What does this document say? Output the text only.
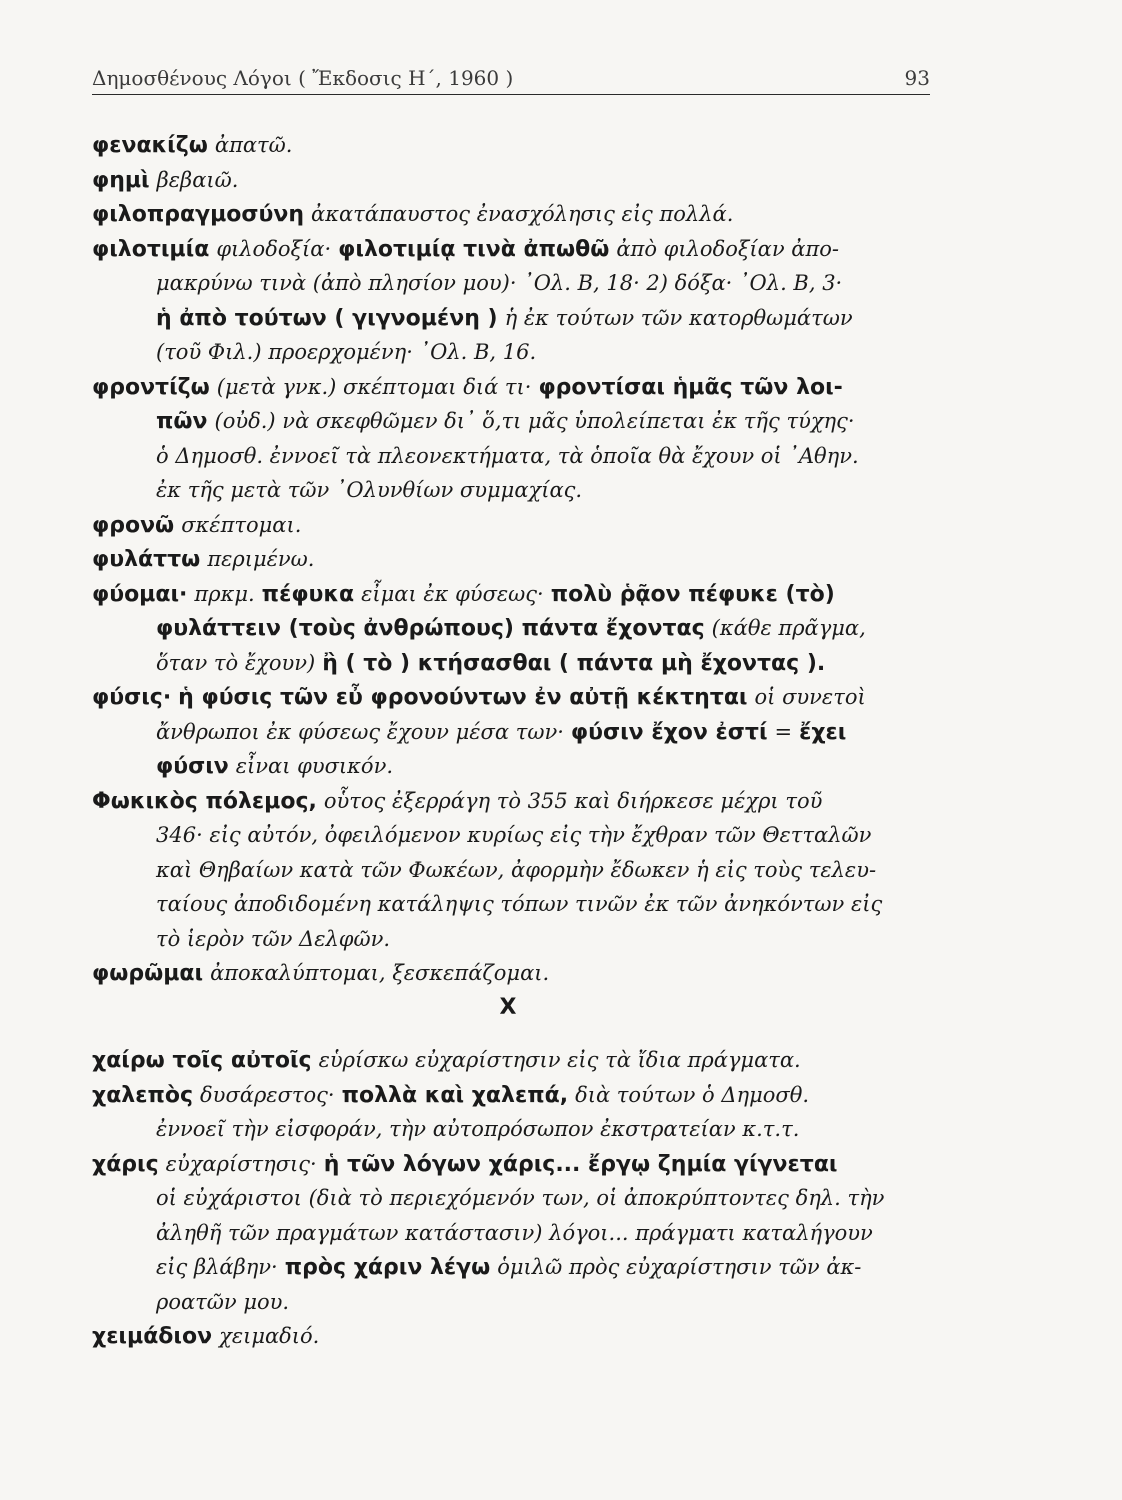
Δημοσθένους Λόγοι ( Ἔκδοσις Η΄, 1960 )	93
φενακίζω ἀπατῶ.
φημὶ βεβαιῶ.
φιλοπραγμοσύνη ἀκατάπαυστος ἐνασχόλησις εἰς πολλά.
φιλοτιμία φιλοδοξία· φιλοτιμίᾳ τινὰ ἀπωθῶ ἀπὸ φιλοδοξίαν ἀπο-
μακρύνω τινὰ (ἀπὸ πλησίον μου)· ᾿Ολ. Β, 18· 2) δόξα· ᾿Ολ. Β, 3·
ἡ ἀπὸ τούτων ( γιγνομένη ) ἡ ἐκ τούτων τῶν κατορθωμάτων
(τοῦ Φιλ.) προερχομένη· ᾿Ολ. Β, 16.
φροντίζω (μετὰ γνκ.) σκέπτομαι διά τι· φροντίσαι ἡμᾶς τῶν λοι-
πῶν (οὐδ.) νὰ σκεφθῶμεν δι᾽ ὅ,τι μᾶς ὑπολείπεται ἐκ τῆς τύχης·
ὁ Δημοσθ. ἐννοεῖ τὰ πλεονεκτήματα, τὰ ὁποῖα θὰ ἔχουν οἱ ᾿Αθην.
ἐκ τῆς μετὰ τῶν ᾿Ολυνθίων συμμαχίας.
φρονῶ σκέπτομαι.
φυλάττω περιμένω.
φύομαι· πρκμ. πέφυκα εἶμαι ἐκ φύσεως· πολὺ ῥᾷον πέφυκε (τὸ)
φυλάττειν (τοὺς ἀνθρώπους) πάντα ἔχοντας (κάθε πρᾶγμα,
ὅταν τὸ ἔχουν) ἢ ( τὸ ) κτήσασθαι ( πάντα μὴ ἔχοντας ).
φύσις· ἡ φύσις τῶν εὖ φρονούντων ἐν αὐτῇ κέκτηται οἱ συνετοὶ
ἄνθρωποι ἐκ φύσεως ἔχουν μέσα των· φύσιν ἔχον ἐστί = ἔχει
φύσιν εἶναι φυσικόν.
Φωκικὸς πόλεμος, οὗτος ἐξερράγη τὸ 355 καὶ διήρκεσε μέχρι τοῦ
346· εἰς αὐτόν, ὀφειλόμενον κυρίως εἰς τὴν ἔχθραν τῶν Θετταλῶν
καὶ Θηβαίων κατὰ τῶν Φωκέων, ἀφορμὴν ἔδωκεν ἡ εἰς τοὺς τελευ-
ταίους ἀποδιδομένη κατάληψις τόπων τινῶν ἐκ τῶν ἀνηκόντων εἰς
τὸ ἱερὸν τῶν Δελφῶν.
φωρῶμαι ἀποκαλύπτομαι, ξεσκεπάζομαι.
Χ
χαίρω τοῖς αὐτοῖς εὑρίσκω εὐχαρίστησιν εἰς τὰ ἴδια πράγματα.
χαλεπὸς δυσάρεστος· πολλὰ καὶ χαλεπά, διὰ τούτων ὁ Δημοσθ.
ἐννοεῖ τὴν εἰσφοράν, τὴν αὐτοπρόσωπον ἐκστρατείαν κ.τ.τ.
χάρις εὐχαρίστησις· ἡ τῶν λόγων χάρις... ἔργῳ ζημία γίγνεται
οἱ εὐχάριστοι (διὰ τὸ περιεχόμενόν των, οἱ ἀποκρύπτοντες δηλ. τὴν
ἀληθῆ τῶν πραγμάτων κατάστασιν) λόγοι... πράγματι καταλήγουν
εἰς βλάβην· πρὸς χάριν λέγω ὁμιλῶ πρὸς εὐχαρίστησιν τῶν ἀκ-
ροατῶν μου.
χειμάδιον χειμαδιό.
